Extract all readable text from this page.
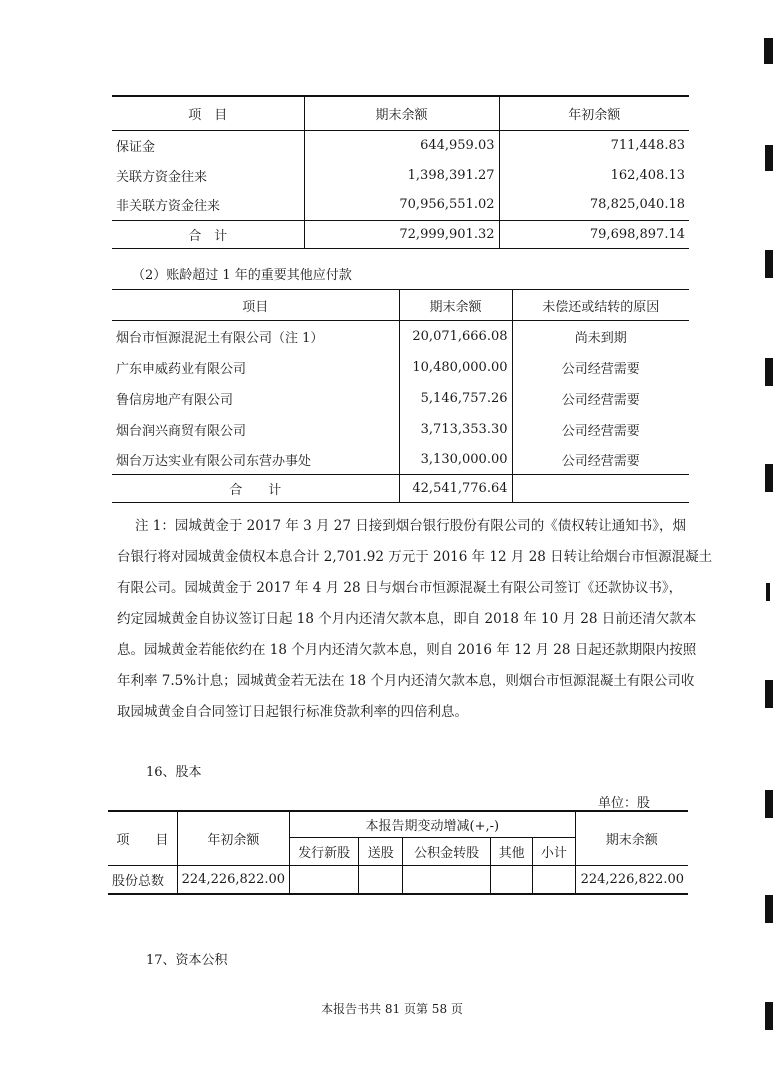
项　目	期末余额	年初余额
保证金	644,959.03	711,448.83
关联方资金往来	1,398,391.27	162,408.13
非关联方资金往来	70,956,551.02	78,825,040.18
合　计	72,999,901.32	79,698,897.14
（2）账龄超过 1 年的重要其他应付款
项目	期末余额	未偿还或结转的原因
烟台市恒源混泥土有限公司（注 1）	20,071,666.08	尚未到期
广东申威药业有限公司	10,480,000.00	公司经营需要
鲁信房地产有限公司	5,146,757.26	公司经营需要
烟台润兴商贸有限公司	3,713,353.30	公司经营需要
烟台万达实业有限公司东营办事处	3,130,000.00	公司经营需要
合　　计	42,541,776.64	

注 1：园城黄金于 2017 年 3 月 27 日接到烟台银行股份有限公司的《债权转让通知书》，烟

台银行将对园城黄金债权本息合计 2,701.92 万元于 2016 年 12 月 28 日转让给烟台市恒源混凝土

有限公司。园城黄金于 2017 年 4 月 28 日与烟台市恒源混凝土有限公司签订《还款协议书》，

约定园城黄金自协议签订日起 18 个月内还清欠款本息，即自 2018 年 10 月 28 日前还清欠款本

息。园城黄金若能依约在 18 个月内还清欠款本息，则自 2016 年 12 月 28 日起还款期限内按照

年利率 7.5%计息；园城黄金若无法在 18 个月内还清欠款本息，则烟台市恒源混凝土有限公司收

取园城黄金自合同签订日起银行标准贷款利率的四倍利息。

16、股本
单位：股
项　　目	年初余额	本报告期变动增减(+,-)					期末余额
		发行新股	送股	公积金转股	其他	小计	
股份总数	224,226,822.00						224,226,822.00
17、资本公积
本报告书共 81 页第 58 页
